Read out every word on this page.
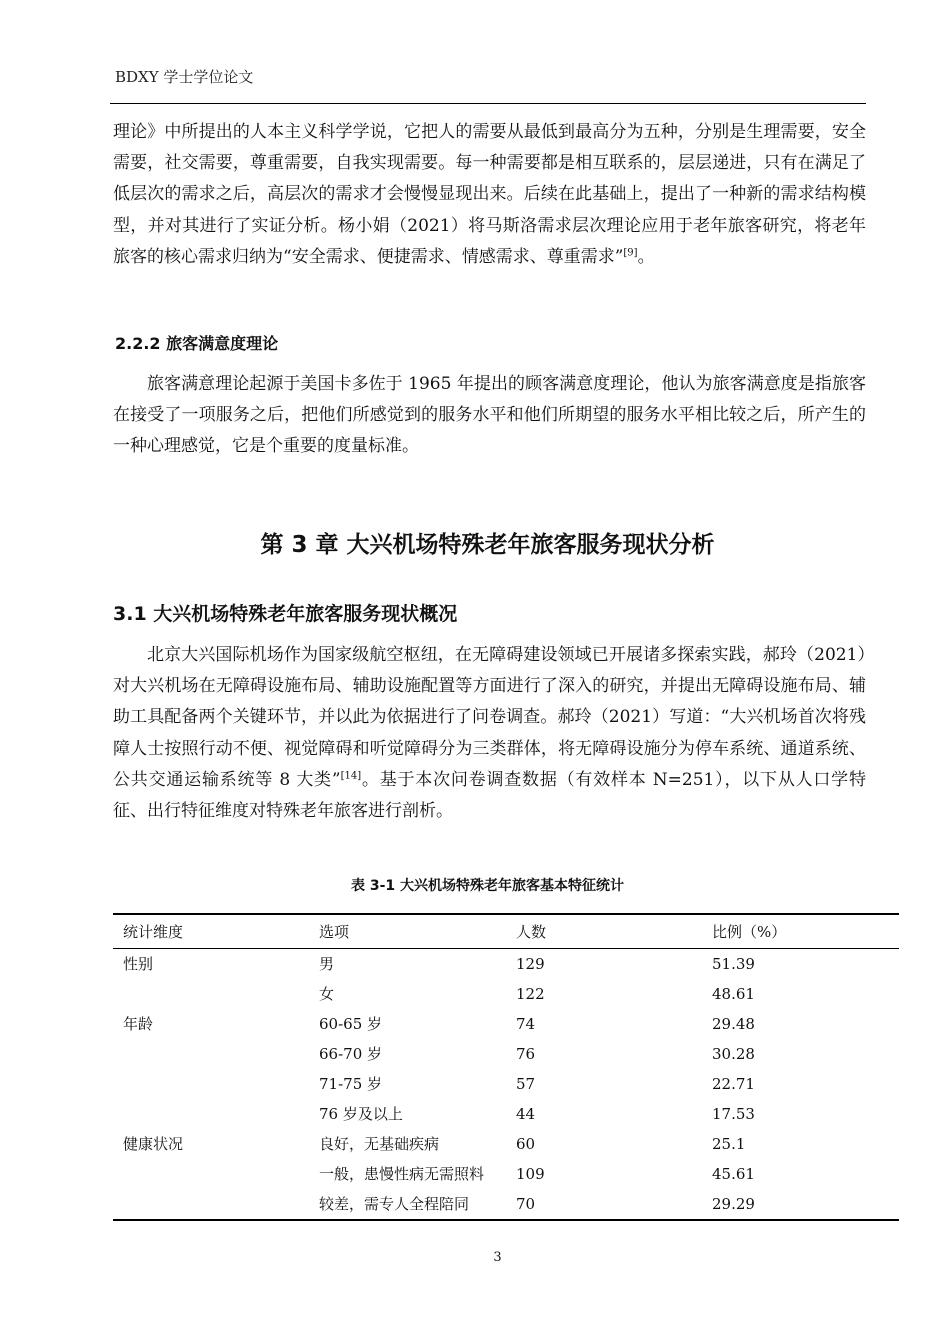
BDXY 学士学位论文

理论》中所提出的人本主义科学学说，它把人的需要从最低到最高分为五种，分别是生理需要，安全需要，社交需要，尊重需要，自我实现需要。每一种需要都是相互联系的，层层递进，只有在满足了低层次的需求之后，高层次的需求才会慢慢显现出来。后续在此基础上，提出了一种新的需求结构模型，并对其进行了实证分析。杨小娟（2021）将马斯洛需求层次理论应用于老年旅客研究，将老年旅客的核心需求归纳为“安全需求、便捷需求、情感需求、尊重需求”[9]。

2.2.2 旅客满意度理论

旅客满意理论起源于美国卡多佐于 1965 年提出的顾客满意度理论，他认为旅客满意度是指旅客在接受了一项服务之后，把他们所感觉到的服务水平和他们所期望的服务水平相比较之后，所产生的一种心理感觉，它是个重要的度量标准。

第 3 章 大兴机场特殊老年旅客服务现状分析
3.1 大兴机场特殊老年旅客服务现状概况

北京大兴国际机场作为国家级航空枢纽，在无障碍建设领域已开展诸多探索实践，郝玲（2021）对大兴机场在无障碍设施布局、辅助设施配置等方面进行了深入的研究，并提出无障碍设施布局、辅助工具配备两个关键环节，并以此为依据进行了问卷调查。郝玲（2021）写道：“大兴机场首次将残障人士按照行动不便、视觉障碍和听觉障碍分为三类群体，将无障碍设施分为停车系统、通道系统、公共交通运输系统等 8 大类”[14]。基于本次问卷调查数据（有效样本 N=251），以下从人口学特征、出行特征维度对特殊老年旅客进行剖析。

表 3-1 大兴机场特殊老年旅客基本特征统计
统计维度	选项	人数	比例（%）
性别	男	129	51.39
	女	122	48.61
年龄	60-65 岁	74	29.48
	66-70 岁	76	30.28
	71-75 岁	57	22.71
	76 岁及以上	44	17.53
健康状况	良好，无基础疾病	60	25.1
	一般，患慢性病无需照料	109	45.61
	较差，需专人全程陪同	70	29.29
3
